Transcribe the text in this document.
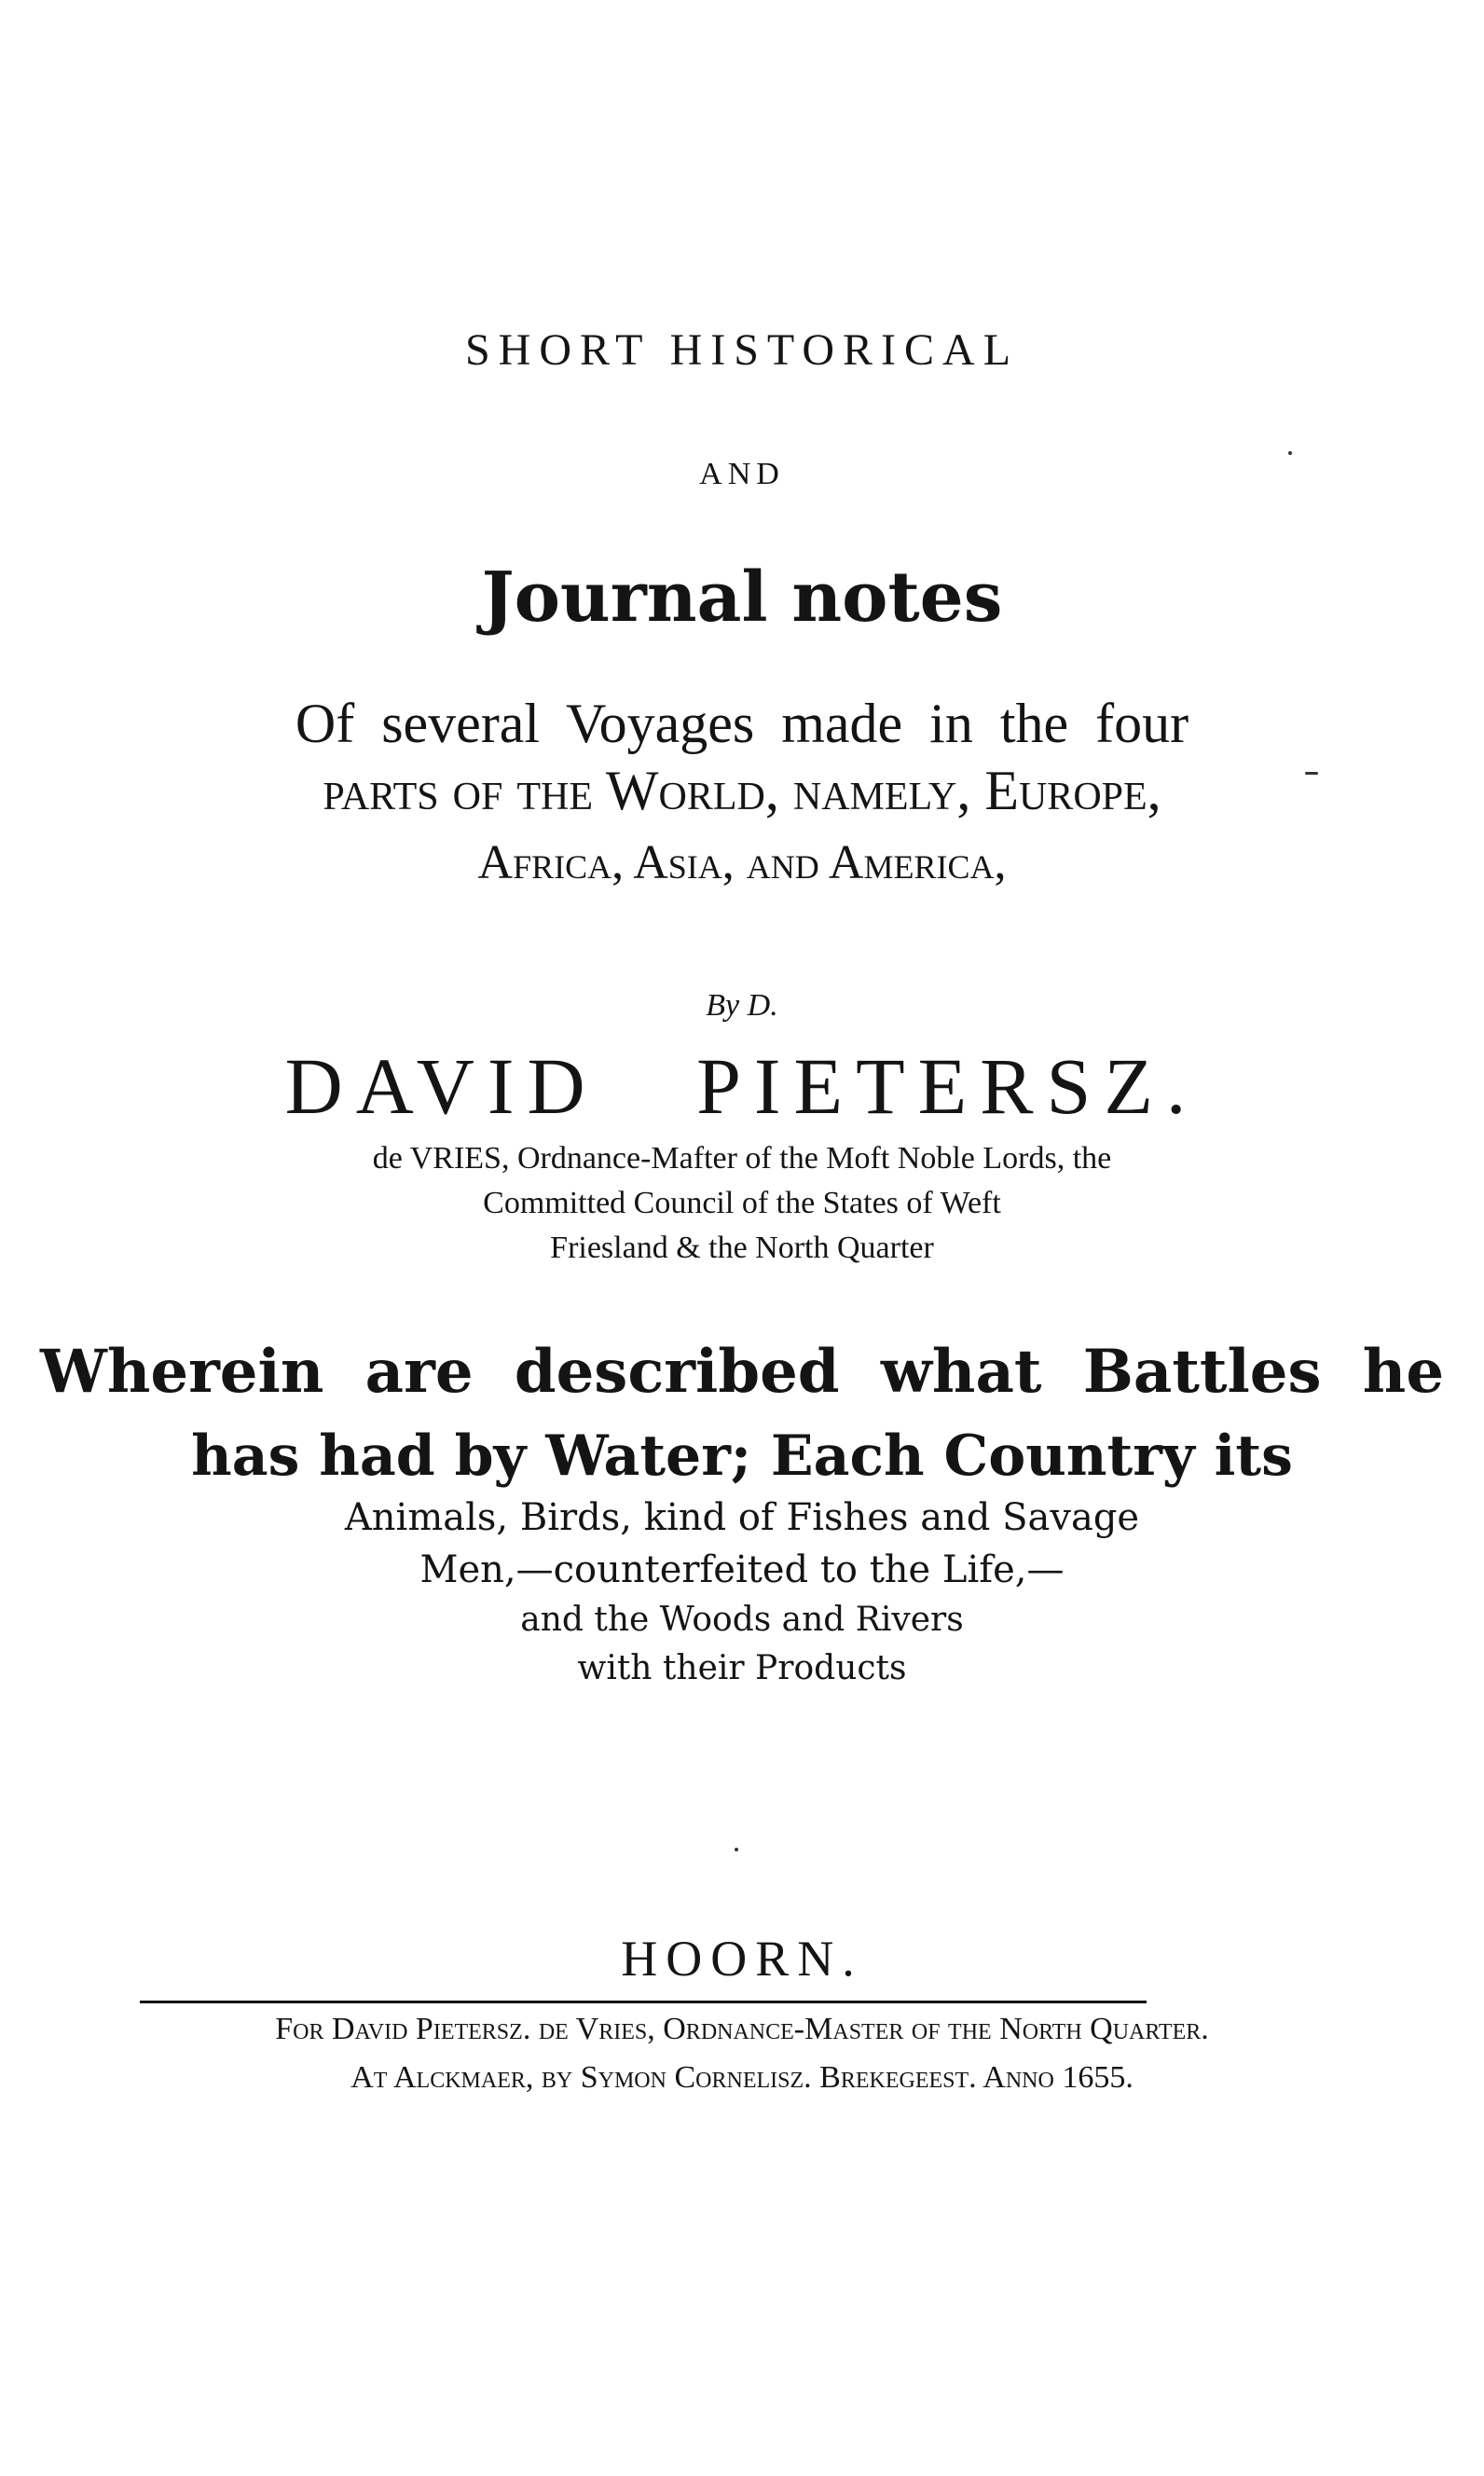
SHORT HISTORICAL
AND
Journal notes
Of several Voyages made in the four
parts of the World, namely, Europe,
Africa, Asia, and America,
By D.
DAVID PIETERSZ.
de VRIES, Ordnance-Mafter of the Moft Noble Lords, the
Committed Council of the States of Weft
Friesland & the North Quarter
Wherein are described what Battles he
has had by Water; Each Country its
Animals, Birds, kind of Fishes and Savage
Men,—counterfeited to the Life,—
and the Woods and Rivers
with their Products
HOORN.
For David Pietersz. de Vries, Ordnance-Master of the North Quarter.
At Alckmaer, by Symon Cornelisz. Brekegeest. Anno 1655.
